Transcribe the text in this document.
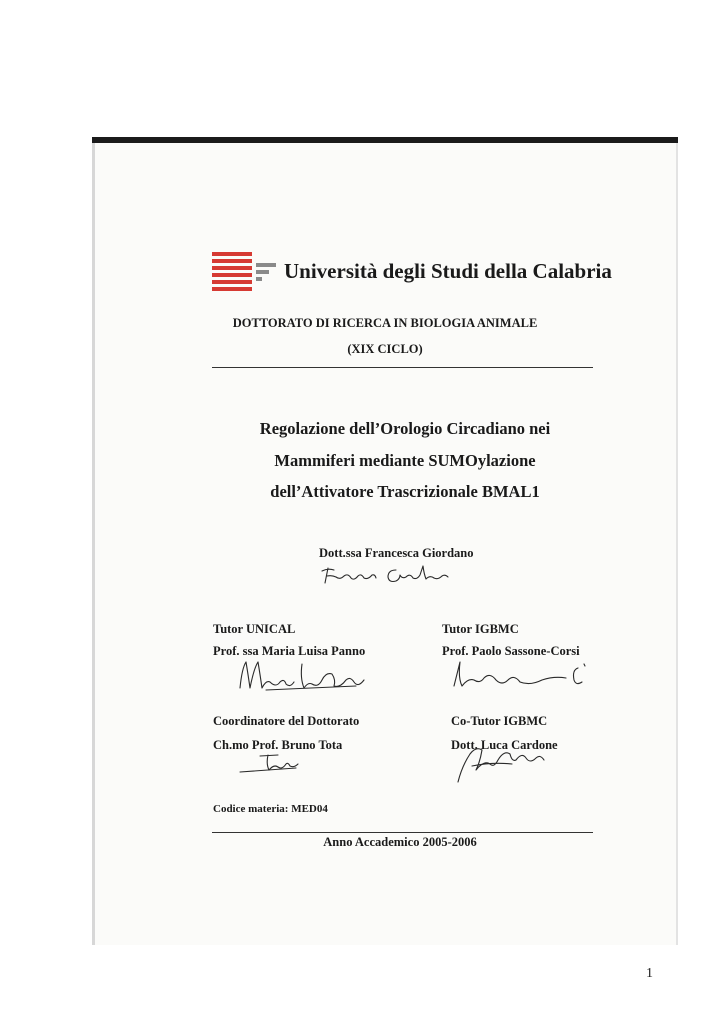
Università degli Studi della Calabria
DOTTORATO DI RICERCA IN BIOLOGIA ANIMALE
(XIX CICLO)
Regolazione dell’Orologio Circadiano nei
Mammiferi mediante SUMOylazione
dell’Attivatore Trascrizionale BMAL1
Dott.ssa Francesca Giordano
Tutor UNICAL
Prof. ssa Maria Luisa Panno
Tutor IGBMC
Prof. Paolo Sassone-Corsi
Coordinatore del Dottorato
Ch.mo Prof. Bruno Tota
Co-Tutor IGBMC
Dott. Luca Cardone
Codice materia: MED04
Anno Accademico 2005-2006
1
